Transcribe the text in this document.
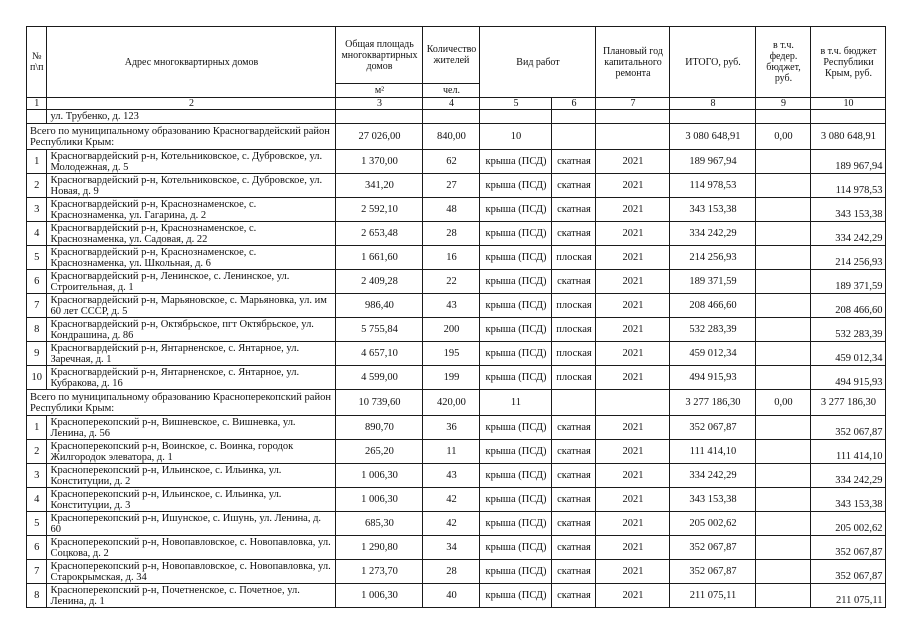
№ п\п	Адрес многоквартирных домов	Общая площадь многоквартирных домов	Количество жителей	Вид работ		Плановый год капитального ремонта	ИТОГО, руб.	в т.ч. федер. бюджет, руб.	в т.ч. бюджет Республики Крым, руб.
		м²	чел.						
1	2	3	4	5	6	7	8	9	10
	ул. Трубенко, д. 123								
Всего по муниципальному образованию Красногвардейский район Республики Крым:		27 026,00	840,00	10			3 080 648,91	0,00	3 080 648,91
1	Красногвардейский р-н, Котельниковское, с. Дубровское, ул. Молодежная, д. 5	1 370,00	62	крыша (ПСД)	скатная	2021	189 967,94		189 967,94
2	Красногвардейский р-н, Котельниковское, с. Дубровское, ул. Новая, д. 9	341,20	27	крыша (ПСД)	скатная	2021	114 978,53		114 978,53
3	Красногвардейский р-н, Краснознаменское, с. Краснознаменка, ул. Гагарина, д. 2	2 592,10	48	крыша (ПСД)	скатная	2021	343 153,38		343 153,38
4	Красногвардейский р-н, Краснознаменское, с. Краснознаменка, ул. Садовая, д. 22	2 653,48	28	крыша (ПСД)	скатная	2021	334 242,29		334 242,29
5	Красногвардейский р-н, Краснознаменское, с. Краснознаменка, ул. Школьная, д. 6	1 661,60	16	крыша (ПСД)	плоская	2021	214 256,93		214 256,93
6	Красногвардейский р-н, Ленинское, с. Ленинское, ул. Строительная, д. 1	2 409,28	22	крыша (ПСД)	скатная	2021	189 371,59		189 371,59
7	Красногвардейский р-н, Марьяновское, с. Марьяновка, ул. им 60 лет СССР, д. 5	986,40	43	крыша (ПСД)	плоская	2021	208 466,60		208 466,60
8	Красногвардейский р-н, Октябрьское, пгт Октябрьское, ул. Кондрашина, д. 86	5 755,84	200	крыша (ПСД)	плоская	2021	532 283,39		532 283,39
9	Красногвардейский р-н, Янтарненское, с. Янтарное, ул. Заречная, д. 1	4 657,10	195	крыша (ПСД)	плоская	2021	459 012,34		459 012,34
10	Красногвардейский р-н, Янтарненское, с. Янтарное, ул. Кубракова, д. 16	4 599,00	199	крыша (ПСД)	плоская	2021	494 915,93		494 915,93
Всего по муниципальному образованию Красноперекопский район Республики Крым:		10 739,60	420,00	11			3 277 186,30	0,00	3 277 186,30
1	Красноперекопский р-н, Вишневское, с. Вишневка, ул. Ленина, д. 56	890,70	36	крыша (ПСД)	скатная	2021	352 067,87		352 067,87
2	Красноперекопский р-н, Воинское, с. Воинка, городок Жилгородок элеватора, д. 1	265,20	11	крыша (ПСД)	скатная	2021	111 414,10		111 414,10
3	Красноперекопский р-н, Ильинское, с. Ильинка, ул. Конституции, д. 2	1 006,30	43	крыша (ПСД)	скатная	2021	334 242,29		334 242,29
4	Красноперекопский р-н, Ильинское, с. Ильинка, ул. Конституции, д. 3	1 006,30	42	крыша (ПСД)	скатная	2021	343 153,38		343 153,38
5	Красноперекопский р-н, Ишунское, с. Ишунь, ул. Ленина, д. 60	685,30	42	крыша (ПСД)	скатная	2021	205 002,62		205 002,62
6	Красноперекопский р-н, Новопавловское, с. Новопавловка, ул. Соцкова, д. 2	1 290,80	34	крыша (ПСД)	скатная	2021	352 067,87		352 067,87
7	Красноперекопский р-н, Новопавловское, с. Новопавловка, ул. Старокрымская, д. 34	1 273,70	28	крыша (ПСД)	скатная	2021	352 067,87		352 067,87
8	Красноперекопский р-н, Почетненское, с. Почетное, ул. Ленина, д. 1	1 006,30	40	крыша (ПСД)	скатная	2021	211 075,11		211 075,11
